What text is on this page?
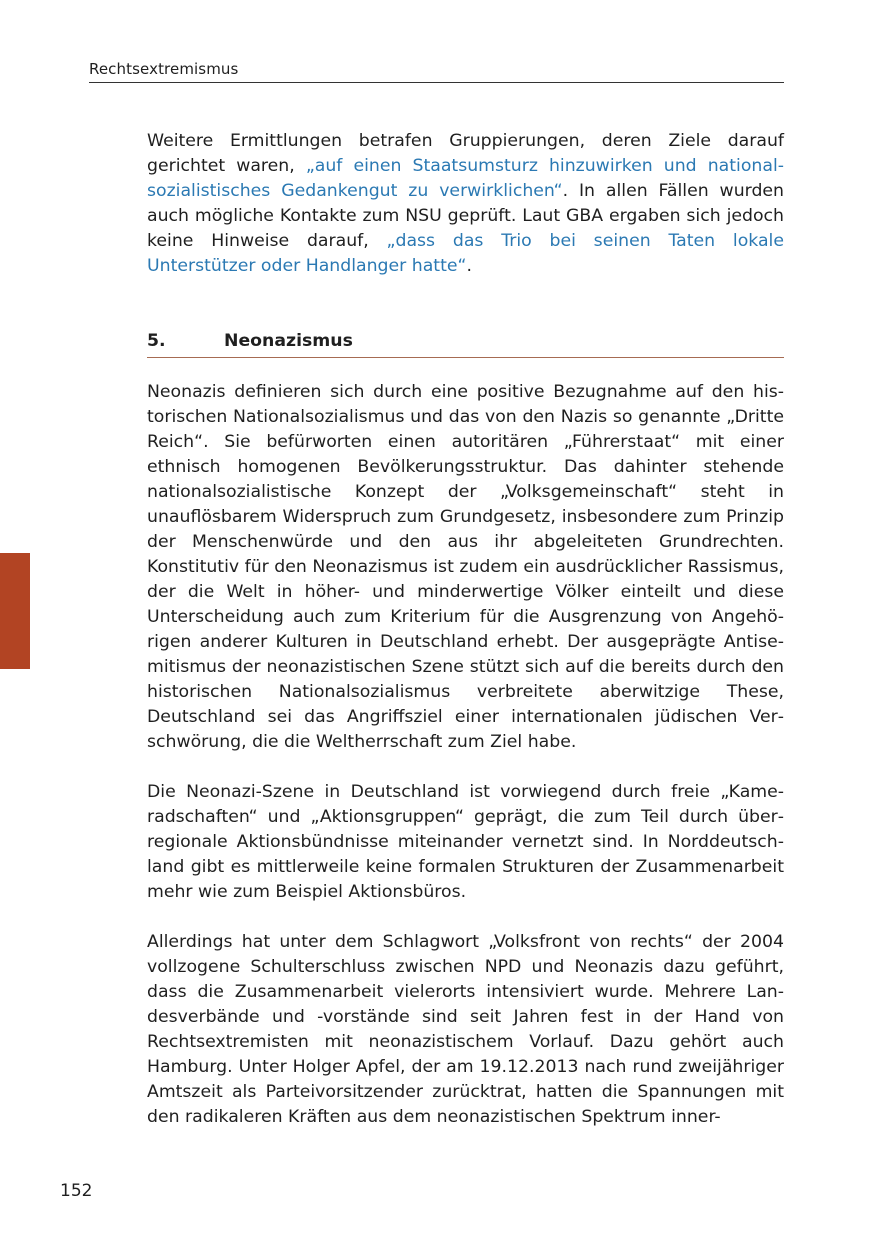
Rechtsextremismus

Weitere Ermittlungen betrafen Gruppierungen, deren Ziele darauf gerichtet waren, „auf einen Staatsumsturz hinzuwirken und nationalsozialistisches Gedankengut zu verwirklichen“. In allen Fällen wurden auch mögliche Kontakte zum NSU geprüft. Laut GBA ergaben sich jedoch keine Hinweise darauf, „dass das Trio bei seinen Taten lokale Unterstützer oder Handlanger hatte“.

5.	Neonazismus

Neonazis definieren sich durch eine positive Bezugnahme auf den historischen Nationalsozialismus und das von den Nazis so genannte „Dritte Reich“. Sie befürworten einen autoritären „Führerstaat“ mit einer ethnisch homogenen Bevölkerungsstruktur. Das dahinter stehende nationalsozialistische Konzept der „Volksgemeinschaft“ steht in unauflösbarem Widerspruch zum Grundgesetz, insbesondere zum Prinzip der Menschenwürde und den aus ihr abgeleiteten Grundrechten. Konstitutiv für den Neonazismus ist zudem ein ausdrücklicher Rassismus, der die Welt in höher- und minderwertige Völker einteilt und diese Unterscheidung auch zum Kriterium für die Ausgrenzung von Angehörigen anderer Kulturen in Deutschland erhebt. Der ausgeprägte Antisemitismus der neonazistischen Szene stützt sich auf die bereits durch den historischen Nationalsozialismus verbreitete aberwitzige These, Deutschland sei das Angriffsziel einer internationalen jüdischen Verschwörung, die die Weltherrschaft zum Ziel habe.

Die Neonazi-Szene in Deutschland ist vorwiegend durch freie „Kameradschaften“ und „Aktionsgruppen“ geprägt, die zum Teil durch überregionale Aktionsbündnisse miteinander vernetzt sind. In Norddeutschland gibt es mittlerweile keine formalen Strukturen der Zusammenarbeit mehr wie zum Beispiel Aktionsbüros.

Allerdings hat unter dem Schlagwort „Volksfront von rechts“ der 2004 vollzogene Schulterschluss zwischen NPD und Neonazis dazu geführt, dass die Zusammenarbeit vielerorts intensiviert wurde. Mehrere Landesverbände und -vorstände sind seit Jahren fest in der Hand von Rechtsextremisten mit neonazistischem Vorlauf. Dazu gehört auch Hamburg. Unter Holger Apfel, der am 19.12.2013 nach rund zweijähriger Amtszeit als Parteivorsitzender zurücktrat, hatten die Spannungen mit den radikaleren Kräften aus dem neonazistischen Spektrum inner-

152
